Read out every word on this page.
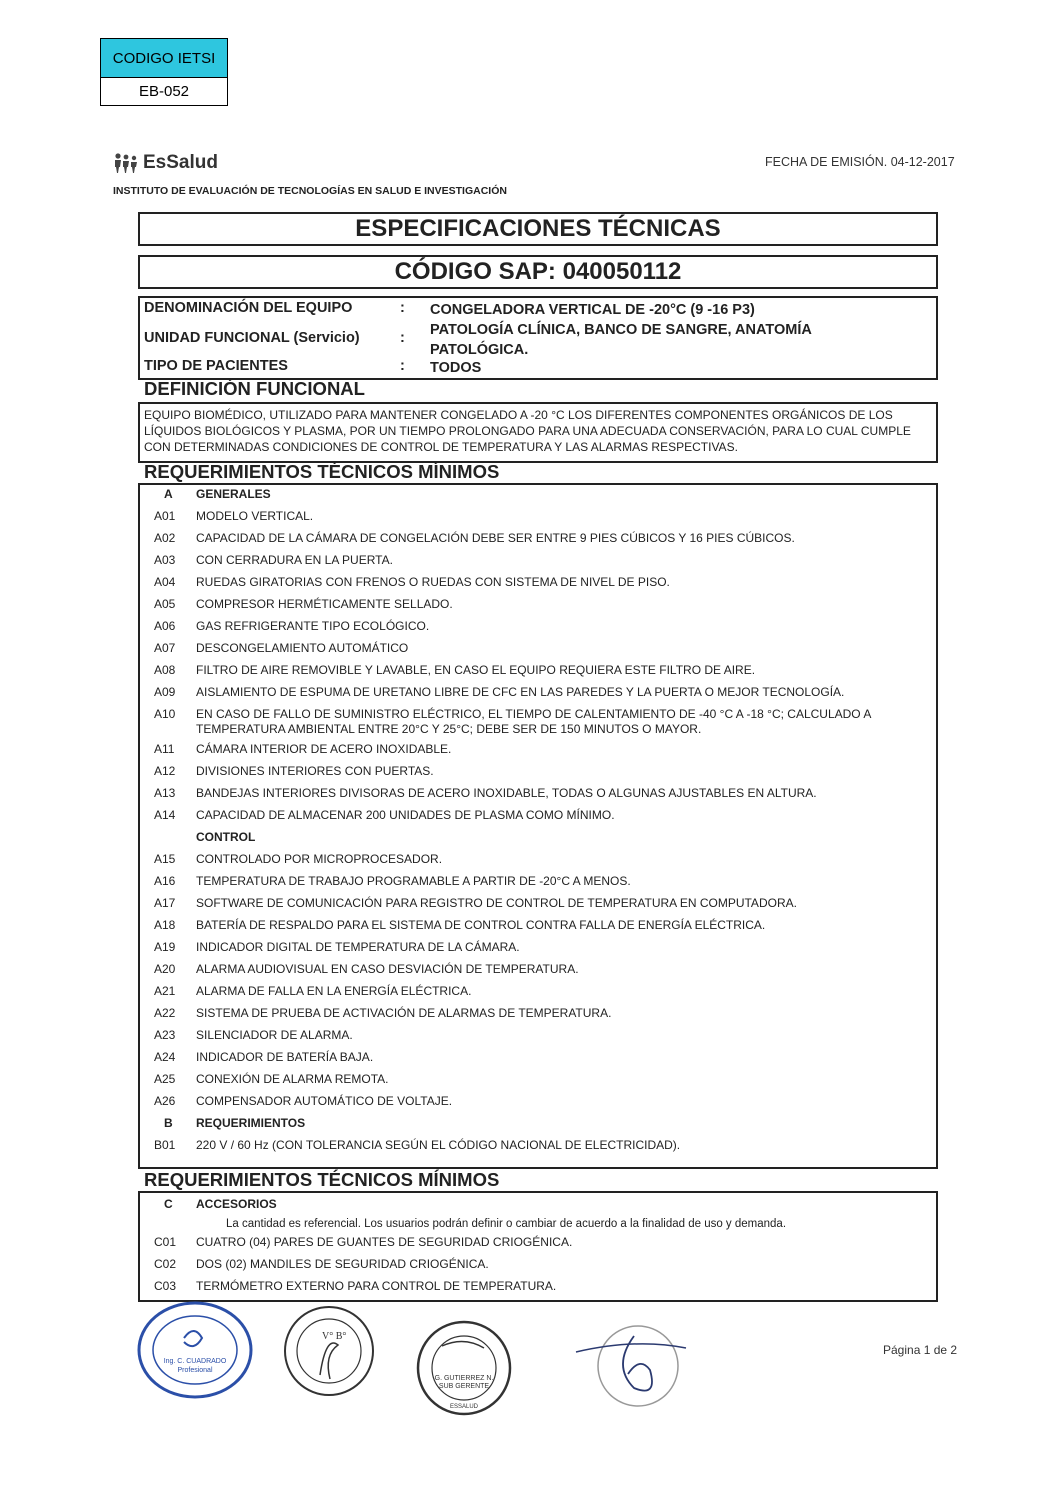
CODIGO IETSI
EB-052
EsSalud
INSTITUTO DE EVALUACIÓN DE TECNOLOGÍAS EN SALUD E INVESTIGACIÓN
FECHA DE EMISIÓN. 04-12-2017
ESPECIFICACIONES TÉCNICAS
CÓDIGO SAP: 040050112
DENOMINACIÓN DEL EQUIPO	: CONGELADORA VERTICAL DE -20°C (9 -16 P3)
UNIDAD FUNCIONAL (Servicio)	: PATOLOGÍA CLÍNICA, BANCO DE SANGRE, ANATOMÍA PATOLÓGICA.
TIPO DE PACIENTES	: TODOS
DEFINICIÓN FUNCIONAL
EQUIPO BIOMÉDICO, UTILIZADO PARA MANTENER CONGELADO A -20 °C LOS DIFERENTES COMPONENTES ORGÁNICOS DE LOS LÍQUIDOS BIOLÓGICOS Y PLASMA, POR UN TIEMPO PROLONGADO PARA UNA ADECUADA CONSERVACIÓN, PARA LO CUAL CUMPLE CON DETERMINADAS CONDICIONES DE CONTROL DE TEMPERATURA Y LAS ALARMAS RESPECTIVAS.
REQUERIMIENTOS TÉCNICOS MÍNIMOS
A	GENERALES
A01	MODELO VERTICAL.
A02	CAPACIDAD DE LA CÁMARA DE CONGELACIÓN DEBE SER ENTRE 9 PIES CÚBICOS Y 16 PIES CÚBICOS.
A03	CON CERRADURA EN LA PUERTA.
A04	RUEDAS GIRATORIAS CON FRENOS O RUEDAS CON SISTEMA DE NIVEL DE PISO.
A05	COMPRESOR HERMÉTICAMENTE SELLADO.
A06	GAS REFRIGERANTE TIPO ECOLÓGICO.
A07	DESCONGELAMIENTO AUTOMÁTICO
A08	FILTRO DE AIRE REMOVIBLE Y LAVABLE, EN CASO EL EQUIPO REQUIERA ESTE FILTRO DE AIRE.
A09	AISLAMIENTO DE ESPUMA DE URETANO LIBRE DE CFC EN LAS PAREDES Y LA PUERTA O MEJOR TECNOLOGÍA.
A10	EN CASO DE FALLO DE SUMINISTRO ELÉCTRICO, EL TIEMPO DE CALENTAMIENTO DE -40 °C A -18 °C; CALCULADO A TEMPERATURA AMBIENTAL ENTRE 20°C Y 25°C; DEBE SER DE 150 MINUTOS O MAYOR.
A11	CÁMARA INTERIOR DE ACERO INOXIDABLE.
A12	DIVISIONES INTERIORES CON PUERTAS.
A13	BANDEJAS INTERIORES DIVISORAS DE ACERO INOXIDABLE, TODAS O ALGUNAS AJUSTABLES EN ALTURA.
A14	CAPACIDAD DE ALMACENAR 200 UNIDADES DE PLASMA COMO MÍNIMO.
CONTROL
A15	CONTROLADO POR MICROPROCESADOR.
A16	TEMPERATURA DE TRABAJO PROGRAMABLE A PARTIR DE -20°C A MENOS.
A17	SOFTWARE DE COMUNICACIÓN PARA REGISTRO DE CONTROL DE TEMPERATURA EN COMPUTADORA.
A18	BATERÍA DE RESPALDO PARA EL SISTEMA DE CONTROL CONTRA FALLA DE ENERGÍA ELÉCTRICA.
A19	INDICADOR DIGITAL DE TEMPERATURA DE LA CÁMARA.
A20	ALARMA AUDIOVISUAL EN CASO DESVIACIÓN DE TEMPERATURA.
A21	ALARMA DE FALLA EN LA ENERGÍA ELÉCTRICA.
A22	SISTEMA DE PRUEBA DE ACTIVACIÓN DE ALARMAS DE TEMPERATURA.
A23	SILENCIADOR DE ALARMA.
A24	INDICADOR DE BATERÍA BAJA.
A25	CONEXIÓN DE ALARMA REMOTA.
A26	COMPENSADOR AUTOMÁTICO DE VOLTAJE.
B	REQUERIMIENTOS
B01	220 V / 60 Hz (CON TOLERANCIA SEGÚN EL CÓDIGO NACIONAL DE ELECTRICIDAD).
REQUERIMIENTOS TÉCNICOS MÍNIMOS
C	ACCESORIOS
La cantidad es referencial. Los usuarios podrán definir o cambiar de acuerdo a la finalidad de uso y demanda.
C01	CUATRO (04) PARES DE GUANTES DE SEGURIDAD CRIOGÉNICA.
C02	DOS (02) MANDILES DE SEGURIDAD CRIOGÉNICA.
C03	TERMÓMETRO EXTERNO PARA CONTROL DE TEMPERATURA.
Ing. C. CUADRADO
Profesional
V° B°
G. GUTIERREZ N.
SUB GERENTE
ESSALUD
Página 1 de 2
